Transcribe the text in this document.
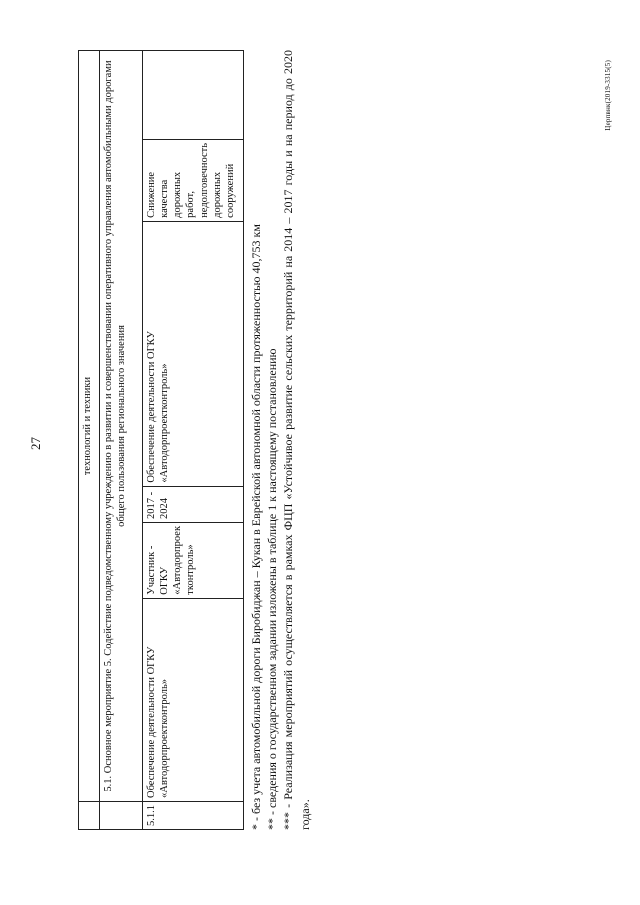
27
Церпвнк(2019-3315(5)
	технологий и техники					
	5.1. Основное мероприятие 5. Содействие подведомственному учреждению в развитии и совершенствовании оперативного управления автомобильными дорогами общего пользования регионального значения					
5.1.1	Обеспечение деятельности ОГКУ «Автодорпроектконтроль»	Участник - ОГКУ «Автодорпроек тконтроль»	2017 - 2024	Обеспечение деятельности ОГКУ «Автодорпроектконтроль»	Снижение качества дорожных работ, недолговечность дорожных сооружений	

* - без учета автомобильной дороги Биробиджан – Кукан в Еврейской автономной области протяженностью 40,753 км ** - сведения о государственном задании изложены в таблице 1 к настоящему постановлению *** - Реализация мероприятий осуществляется в рамках ФЦП «Устойчивое развитие сельских территорий на 2014 – 2017 годы и на период до 2020 года».
